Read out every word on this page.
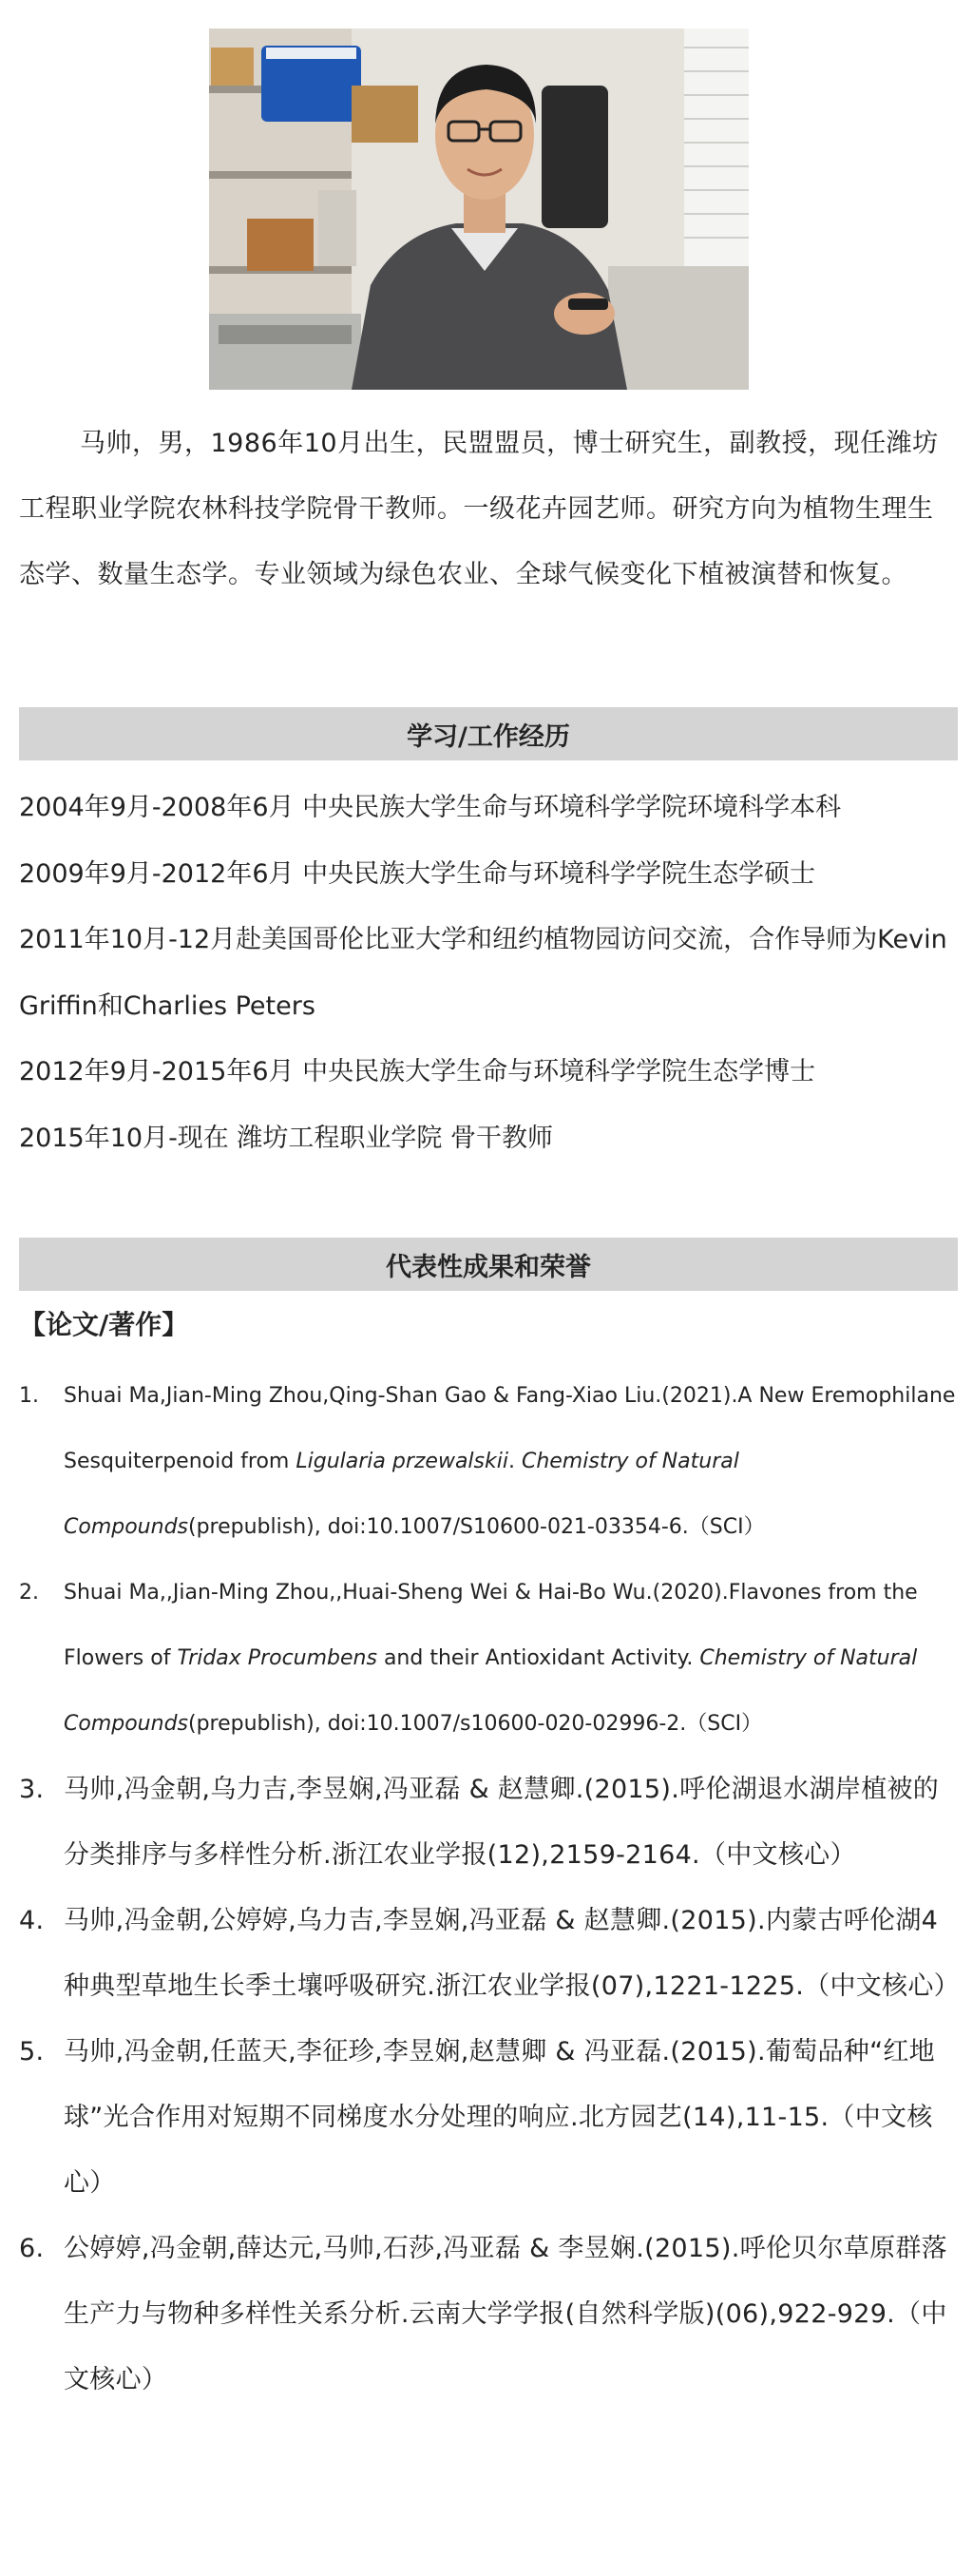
马帅，男，1986年10月出生，民盟盟员，博士研究生，副教授，现任潍坊工程职业学院农林科技学院骨干教师。一级花卉园艺师。研究方向为植物生理生态学、数量生态学。专业领域为绿色农业、全球气候变化下植被演替和恢复。

学习/工作经历
2004年9月-2008年6月 中央民族大学生命与环境科学学院环境科学本科
2009年9月-2012年6月 中央民族大学生命与环境科学学院生态学硕士
2011年10月-12月赴美国哥伦比亚大学和纽约植物园访问交流，合作导师为Kevin Griffin和Charlies Peters
2012年9月-2015年6月 中央民族大学生命与环境科学学院生态学博士
2015年10月-现在 潍坊工程职业学院 骨干教师
代表性成果和荣誉
【论文/著作】
1. Shuai Ma,Jian-Ming Zhou,Qing-Shan Gao & Fang-Xiao Liu.(2021).A New Eremophilane Sesquiterpenoid from Ligularia przewalskii. Chemistry of Natural Compounds(prepublish), doi:10.1007/S10600-021-03354-6.（SCI）
2. Shuai Ma,,Jian-Ming Zhou,,Huai-Sheng Wei & Hai-Bo Wu.(2020).Flavones from the Flowers of Tridax Procumbens and their Antioxidant Activity. Chemistry of Natural Compounds(prepublish), doi:10.1007/s10600-020-02996-2.（SCI）
3. 马帅,冯金朝,乌力吉,李昱娴,冯亚磊 & 赵慧卿.(2015).呼伦湖退水湖岸植被的分类排序与多样性分析.浙江农业学报(12),2159-2164.（中文核心）
4. 马帅,冯金朝,公婷婷,乌力吉,李昱娴,冯亚磊 & 赵慧卿.(2015).内蒙古呼伦湖4种典型草地生长季土壤呼吸研究.浙江农业学报(07),1221-1225.（中文核心）
5. 马帅,冯金朝,任蓝天,李征珍,李昱娴,赵慧卿 & 冯亚磊.(2015).葡萄品种“红地球”光合作用对短期不同梯度水分处理的响应.北方园艺(14),11-15.（中文核心）
6. 公婷婷,冯金朝,薛达元,马帅,石莎,冯亚磊 & 李昱娴.(2015).呼伦贝尔草原群落生产力与物种多样性关系分析.云南大学学报(自然科学版)(06),922-929.（中文核心）
